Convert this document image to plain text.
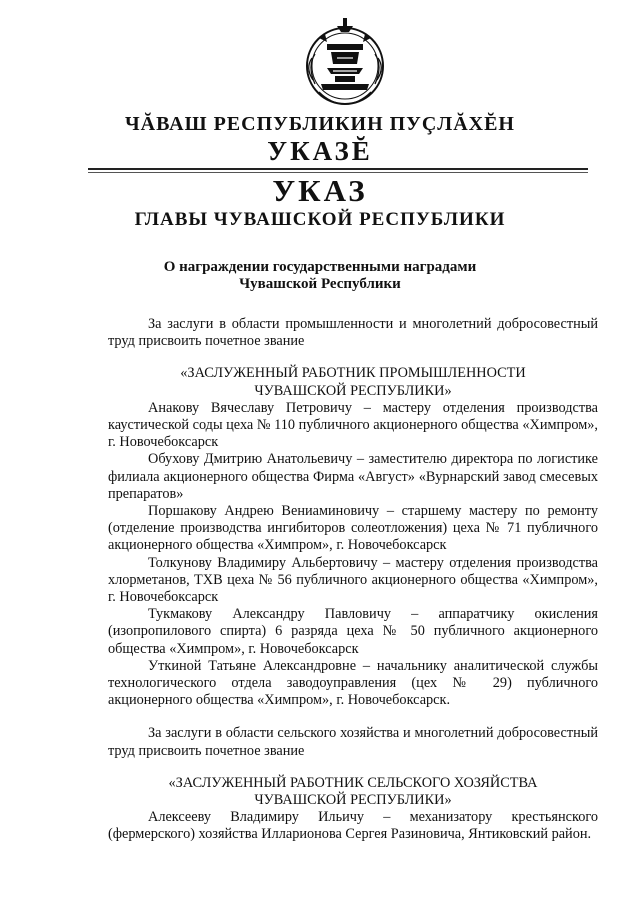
ЧĂВАШ РЕСПУБЛИКИН ПУÇЛĂХĔН
УКАЗĔ
УКАЗ
ГЛАВЫ ЧУВАШСКОЙ РЕСПУБЛИКИ
О награждении государственными наградами
Чувашской Республики

За заслуги в области промышленности и многолетний добросовестный труд присвоить почетное звание

«ЗАСЛУЖЕННЫЙ РАБОТНИК ПРОМЫШЛЕННОСТИ
ЧУВАШСКОЙ РЕСПУБЛИКИ»

Анакову Вячеславу Петровичу – мастеру отделения производства каустической соды цеха № 110 публичного акционерного общества «Химпром», г. Новочебоксарск

Обухову Дмитрию Анатольевичу – заместителю директора по логистике филиала акционерного общества Фирма «Август» «Вурнарский завод смесевых препаратов»

Поршакову Андрею Вениаминовичу – старшему мастеру по ремонту (отделение производства ингибиторов солеотложения) цеха № 71 публичного акционерного общества «Химпром», г. Новочебоксарск

Толкунову Владимиру Альбертовичу – мастеру отделения производства хлорметанов, ТХВ цеха № 56 публичного акционерного общества «Химпром», г. Новочебоксарск

Тукмакову Александру Павловичу – аппаратчику окисления (изопропилового спирта) 6 разряда цеха № 50 публичного акционерного общества «Химпром», г. Новочебоксарск

Уткиной Татьяне Александровне – начальнику аналитической службы технологического отдела заводоуправления (цех № 29) публичного акционерного общества «Химпром», г. Новочебоксарск.

За заслуги в области сельского хозяйства и многолетний добросовестный труд присвоить почетное звание

«ЗАСЛУЖЕННЫЙ РАБОТНИК СЕЛЬСКОГО ХОЗЯЙСТВА
ЧУВАШСКОЙ РЕСПУБЛИКИ»

Алексееву Владимиру Ильичу – механизатору крестьянского (фермерского) хозяйства Илларионова Сергея Разиновича, Янтиковский район.
